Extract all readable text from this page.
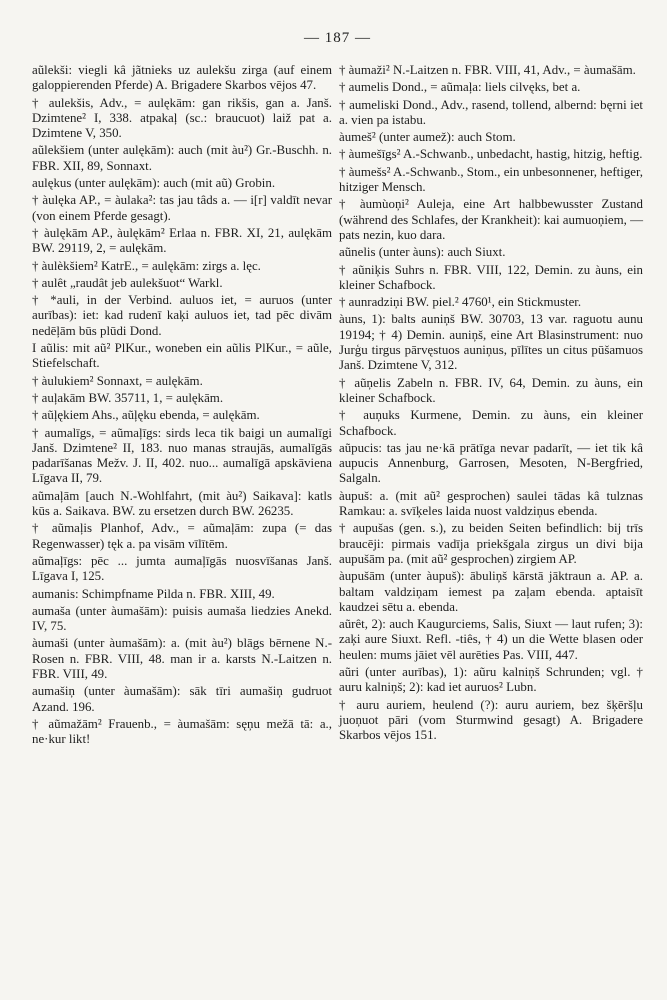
— 187 —

aũlekši: viegli kâ jãtnieks uz aulekšu zirga (auf einem galoppierenden Pferde) A. Brigadere Skarbos vējos 47.

† aulekšis, Adv., = aulękām: gan rikšis, gan a. Janš. Dzimtene² I, 338. atpakaļ (sc.: braucuot) laiž pat a. Dzimtene V, 350.

aũlekšiem (unter aulękām): auch (mit àu²) Gr.-Buschh. n. FBR. XII, 89, Sonnaxt.

aulękus (unter aulękām): auch (mit aũ) Grobin.

† àulęka AP., = àulaka²: tas jau tâds a. — i[r] valdīt nevar (von einem Pferde gesagt).

† àulękām AP., àulękām² Erlaa n. FBR. XI, 21, aulękām BW. 29119, 2, = aulękām.

† àulèkšiem² KatrE., = aulękām: zirgs a. lęc.

† aulêt „raudât jeb aulekšuot“ Warkl.

† *auli, in der Verbind. auluos iet, = auruos (unter aurības): iet: kad rudenī kaķi auluos iet, tad pēc divām nedēļām būs plūdi Dond.

I aũlis: mit aũ² PlKur., woneben ein aũlis PlKur., = aũle, Stiefelschaft.

† àulukiem² Sonnaxt, = aulękām.

† auļakām BW. 35711, 1, = aulękām.

† aũļękiem Ahs., aũļęku ebenda, = aulękām.

† aumalīgs, = aũmaļīgs: sirds leca tik baigi un aumalīgi Janš. Dzimtene² II, 183. nuo manas straujās, aumalīgās padarīšanas Mežv. J. II, 402. nuo... aumalīgā apskāviena Līgava II, 79.

aũmaļām [auch N.-Wohlfahrt, (mit àu²) Saikava]: katls kūs a. Saikava. BW. zu ersetzen durch BW. 26235.

† aũmaļis Planhof, Adv., = aũmaļām: zupa (= das Regenwasser) tęk a. pa visām vīlītēm.

aũmaļīgs: pēc ... jumta aumaļīgās nuosvīšanas Janš. Līgava I, 125.

aumanis: Schimpfname Pilda n. FBR. XIII, 49.

aumaša (unter àumašām): puisis aumaša liedzies Anekd. IV, 75.

àumaši (unter àumašām): a. (mit àu²) blāgs bērnene N.-Rosen n. FBR. VIII, 48. man ir a. karsts N.-Laitzen n. FBR. VIII, 49.

aumašiņ (unter àumašām): sāk tīri aumašiņ gudruot Azand. 196.

† aũmažām² Frauenb., = àumašām: sęņu mežā tā: a., ne·kur likt!

† àumaži² N.-Laitzen n. FBR. VIII, 41, Adv., = àumašām.

† aumelis Dond., = aũmaļa: liels cilvęks, bet a.

† aumeliski Dond., Adv., rasend, tollend, albernd: bęrni iet a. vien pa istabu.

àumeš² (unter aumež): auch Stom.

† àumešīgs² A.-Schwanb., unbedacht, hastig, hitzig, heftig.

† àumešs² A.-Schwanb., Stom., ein unbesonnener, heftiger, hitziger Mensch.

† àumùoņi² Auleja, eine Art halbbewusster Zustand (während des Schlafes, der Krankheit): kai aumuoņiem, — pats nezin, kuo dara.

aũnelis (unter àuns): auch Siuxt.

† aũniķis Suhrs n. FBR. VIII, 122, Demin. zu àuns, ein kleiner Schafbock.

† aunradziņi BW. piel.² 4760¹, ein Stickmuster.

àuns, 1): balts auniņš BW. 30703, 13 var. raguotu aunu 19194; † 4) Demin. auniņš, eine Art Blasinstrument: nuo Jurģu tirgus pārvęstuos auniņus, pīlītes un citus pūšamuos Janš. Dzimtene V, 312.

† aũņelis Zabeln n. FBR. IV, 64, Demin. zu àuns, ein kleiner Schafbock.

† auņuks Kurmene, Demin. zu àuns, ein kleiner Schafbock.

aũpucis: tas jau ne·kā prātīga nevar padarīt, — iet tik kâ aupucis Annenburg, Garrosen, Mesoten, N-Bergfried, Salgaln.

àupuš: a. (mit aũ² gesprochen) saulei tādas kâ tulznas Ramkau: a. svīķeles laida nuost valdziņus ebenda.

† aupušas (gen. s.), zu beiden Seiten befindlich: bij trīs braucēji: pirmais vadīja priekšgala zirgus un divi bija aupušām pa. (mit aũ² gesprochen) zirgiem AP.

àupušām (unter àupuš): ābuliņš kārstā jāktraun a. AP. a. baltam valdziņam iemest pa zaļam ebenda. aptaisīt kaudzei sētu a. ebenda.

aũrêt, 2): auch Kaugurciems, Salis, Siuxt — laut rufen; 3): zaķi aure Siuxt. Refl. -tiês, † 4) un die Wette blasen oder heulen: mums jāiet vēl aurēties Pas. VIII, 447.

aũri (unter aurības), 1): aũru kalniņš Schrunden; vgl. † auru kalniņš; 2): kad iet auruos² Lubn.

† auru auriem, heulend (?): auru auriem, bez šķēršļu juoņuot pāri (vom Sturmwind gesagt) A. Brigadere Skarbos vējos 151.
